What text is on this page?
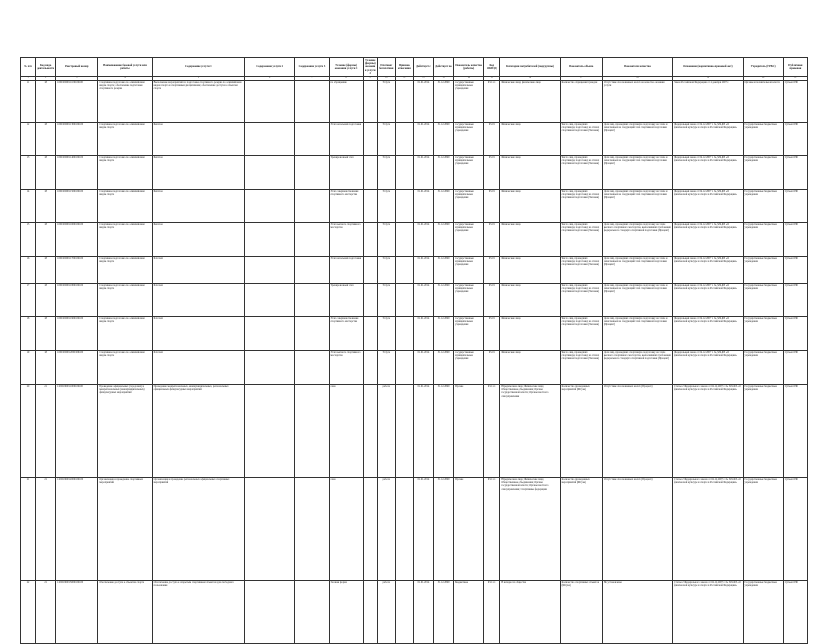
№ п/п	Код вида деятельности	Реестровый номер	Наименование базовой услуги или работы	Содержание услуги 1	Содержание услуги 2	Содержание услуги 3	Условие (формы) оказания услуги 1	Условие (формы) оказания услуги 2	Платная/бесплатная	Признак отнесения	Действует с	Действует по	Показатель качества (работы)	Код ОКВЭД	Категории потребителей (подгруппы)	Показатель объема	Показатели качества	Основание (нормативно-правовой акт)	Учредитель (ГРБС)	Публичная правовая
1	2	3	4	5	6	7	8	9	10	11	12	13	14	15	16	17	18	19	20	21
11	18	10001000011100106100	Спортивная подготовка по олимпийским видам спорта; обеспечение подготовки спортивного резерва	Выполнение мероприятий по подготовке спортивного резерва по олимпийским видам спорта и спортивным дисциплинам; обеспечение доступа к объектам спорта			по обращению		Услуга		01.01.2014	31.12.2099	государственные муниципальные учреждения	93.11.1	Физические лица; физические лица	Количество обращений граждан	Отсутствие обоснованных жалоб на качество оказания услуги	Закон Российской Федерации от 4 декабря 2007 г.	Органы исполнительной власти	Субъект РФ
12	18	10001000011300106100	Спортивная подготовка по олимпийским видам спорта	Биатлон			Этап начальной подготовки		Услуга		01.01.2014	31.12.2099	государственные муниципальные учреждения	93.19	Физические лица	Число лиц, прошедших спортивную подготовку на этапах спортивной подготовки (Человек)	Доля лиц, прошедших спортивную подготовку на этапе и зачисленных на следующий этап спортивной подготовки (Процент)	Федеральный закон от 04.12.2007 г. № 329-ФЗ «О физической культуре и спорте в Российской Федерации»	Государственные бюджетные учреждения	Субъект РФ
13	18	10001000011400106100	Спортивная подготовка по олимпийским видам спорта	Биатлон			Тренировочный этап		Услуга		01.01.2014	31.12.2099	государственные муниципальные учреждения	93.19	Физические лица	Число лиц, прошедших спортивную подготовку на этапах спортивной подготовки (Человек)	Доля лиц, прошедших спортивную подготовку на этапе и зачисленных на следующий этап спортивной подготовки (Процент)	Федеральный закон от 04.12.2007 г. № 329-ФЗ «О физической культуре и спорте в Российской Федерации»	Государственные бюджетные учреждения	Субъект РФ
14	18	10001000011500106100	Спортивная подготовка по олимпийским видам спорта	Биатлон			Этап совершенствования спортивного мастерства		Услуга		01.01.2014	31.12.2099	государственные муниципальные учреждения	93.19	Физические лица	Число лиц, прошедших спортивную подготовку на этапах спортивной подготовки (Человек)	Доля лиц, прошедших спортивную подготовку на этапе и зачисленных на следующий этап спортивной подготовки (Процент)	Федеральный закон от 04.12.2007 г. № 329-ФЗ «О физической культуре и спорте в Российской Федерации»	Государственные бюджетные учреждения	Субъект РФ
15	18	10001000011600106100	Спортивная подготовка по олимпийским видам спорта	Биатлон			Этап высшего спортивного мастерства		Услуга		01.01.2014	31.12.2099	государственные муниципальные учреждения	93.19	Физические лица	Число лиц, прошедших спортивную подготовку на этапах спортивной подготовки (Человек)	Доля лиц, прошедших спортивную подготовку на этапе высшего спортивного мастерства, выполнивших требования федерального стандарта спортивной подготовки (Процент)	Федеральный закон от 04.12.2007 г. № 329-ФЗ «О физической культуре и спорте в Российской Федерации»	Государственные бюджетные учреждения	Субъект РФ
16	18	10001000011700106100	Спортивная подготовка по олимпийским видам спорта	Бобслей			Этап начальной подготовки		Услуга		01.01.2014	31.12.2099	государственные муниципальные учреждения	93.19	Физические лица	Число лиц, прошедших спортивную подготовку на этапах спортивной подготовки (Человек)	Доля лиц, прошедших спортивную подготовку на этапе и зачисленных на следующий этап спортивной подготовки (Процент)	Федеральный закон от 04.12.2007 г. № 329-ФЗ «О физической культуре и спорте в Российской Федерации»	Государственные бюджетные учреждения	Субъект РФ
17	18	10001000011800106100	Спортивная подготовка по олимпийским видам спорта	Бобслей			Тренировочный этап		Услуга		01.01.2014	31.12.2099	государственные муниципальные учреждения	93.19	Физические лица	Число лиц, прошедших спортивную подготовку на этапах спортивной подготовки (Человек)	Доля лиц, прошедших спортивную подготовку на этапе и зачисленных на следующий этап спортивной подготовки (Процент)	Федеральный закон от 04.12.2007 г. № 329-ФЗ «О физической культуре и спорте в Российской Федерации»	Государственные бюджетные учреждения	Субъект РФ
18	18	10001000011900106100	Спортивная подготовка по олимпийским видам спорта	Бобслей			Этап совершенствования спортивного мастерства		Услуга		01.01.2014	31.12.2099	государственные муниципальные учреждения	93.19	Физические лица	Число лиц, прошедших спортивную подготовку на этапах спортивной подготовки (Человек)	Доля лиц, прошедших спортивную подготовку на этапе и зачисленных на следующий этап спортивной подготовки (Процент)	Федеральный закон от 04.12.2007 г. № 329-ФЗ «О физической культуре и спорте в Российской Федерации»	Государственные бюджетные учреждения	Субъект РФ
19	18	10001000012000106100	Спортивная подготовка по олимпийским видам спорта	Бобслей			Этап высшего спортивного мастерства		Услуга		01.01.2014	31.12.2099	государственные муниципальные учреждения	93.19	Физические лица	Число лиц, прошедших спортивную подготовку на этапах спортивной подготовки (Человек)	Доля лиц, прошедших спортивную подготовку на этапе высшего спортивного мастерства, выполнивших требования федерального стандарта спортивной подготовки (Процент)	Федеральный закон от 04.12.2007 г. № 329-ФЗ «О физической культуре и спорте в Российской Федерации»	Государственные бюджетные учреждения	Субъект РФ
20	21	11001000011000106100	Проведение официальных (городских) и межрегиональных (межмуниципальных) физкультурных мероприятий	Проведение межрегиональных, межмуниципальных, региональных официальных физкультурных мероприятий			очно		работа		01.01.2014	31.12.2099	Прочие	93.11.1	Юридические лица; Физические лица; Общественные объединения; Органы государственной власти; Органы местного самоуправления	Количество проведенных мероприятий (Штука)	Отсутствие обоснованных жалоб (Процент)	Статья 2 Федерального закона от 04.12.2007 г. № 329-ФЗ «О физической культуре и спорте в Российской Федерации»	Государственные бюджетные учреждения	Субъект РФ
21	21	11001000012000106100	Организация и проведение спортивных мероприятий	Организация и проведение региональных официальных спортивных мероприятий			очно		работа		01.01.2014	31.12.2099	Прочие	93.11.1	Юридические лица; Физические лица; Общественные объединения; Органы государственной власти; Органы местного самоуправления; Спортивные федерации	Количество проведенных мероприятий (Штука)	Отсутствие обоснованных жалоб (Процент)	Статья 2 Федерального закона от 04.12.2007 г. № 329-ФЗ «О физической культуре и спорте в Российской Федерации»	Государственные бюджетные учреждения	Субъект РФ
22	21	11001000013000106100	Обеспечение доступа к объектам спорта	Обеспечение доступа к открытым спортивным объектам для свободного пользования			Заочная форма		работа		01.01.2014	31.12.2099	Бюджетные	93.11.1	В интересах общества	Количество спортивных объектов (Штука)	Не установлены	Статья 2 Федерального закона от 04.12.2007 г. № 329-ФЗ «О физической культуре и спорте в Российской Федерации»	Государственные бюджетные учреждения	Субъект РФ
